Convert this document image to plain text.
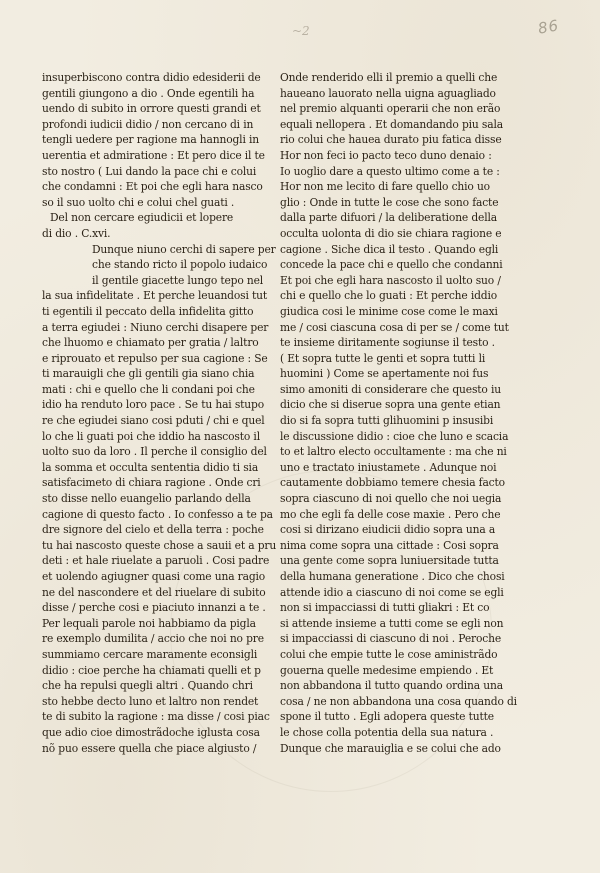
~2	86
insuperbiscono contra didio edesiderii de
gentili giungono a dio . Onde egentili ha
uendo di subito in orrore questi grandi et
profondi iudicii didio / non cercano di in
tengli uedere per ragione ma hannogli in
uerentia et admiratione : Et pero dice il te
sto nostro ( Lui dando la pace chi e colui
che condamni : Et poi che egli hara nasco
so il suo uolto chi e colui chel guati .
Del non cercare egiudicii et lopere
di dio . C.xvi.
Dunque niuno cerchi di sapere per
che stando ricto il popolo iudaico
il gentile giacette lungo tepo nel
la sua infidelitate . Et perche leuandosi tut
ti egentili il peccato della infidelita gitto
a terra egiudei : Niuno cerchi disapere per
che lhuomo e chiamato per gratia / laltro
e riprouato et repulso per sua cagione : Se
ti marauigli che gli gentili gia siano chia
mati : chi e quello che li condani poi che
idio ha renduto loro pace . Se tu hai stupo
re che egiudei siano cosi pduti / chi e quel
lo che li guati poi che iddio ha nascosto il
uolto suo da loro . Il perche il consiglio del
la somma et occulta sententia didio ti sia
satisfacimeto di chiara ragione . Onde cri
sto disse nello euangelio parlando della
cagione di questo facto . Io confesso a te pa
dre signore del cielo et della terra : poche
tu hai nascosto queste chose a sauii et a pru
deti : et hale riuelate a paruoli . Cosi padre
et uolendo agiugner quasi come una ragio
ne del nascondere et del riuelare di subito
disse / perche cosi e piaciuto innanzi a te .
Per lequali parole noi habbiamo da pigla
re exemplo dumilita / accio che noi no pre
summiamo cercare maramente econsigli
didio : cioe perche ha chiamati quelli et p
che ha repulsi quegli altri . Quando chri
sto hebbe decto luno et laltro non rendet
te di subito la ragione : ma disse / cosi piac
que adio cioe dimostrãdoche iglusta cosa
nõ puo essere quella che piace algiusto /
Onde renderido elli il premio a quelli che
haueano lauorato nella uigna aguagliado
nel premio alquanti operarii che non erão
equali nellopera . Et domandando piu sala
rio colui che hauea durato piu fatica disse
Hor non feci io pacto teco duno denaio :
Io uoglio dare a questo ultimo come a te :
Hor non me lecito di fare quello chio uo
glio : Onde in tutte le cose che sono facte
dalla parte difuori / la deliberatione della
occulta uolonta di dio sie chiara ragione e
cagione . Siche dica il testo . Quando egli
concede la pace chi e quello che condanni
Et poi che egli hara nascosto il uolto suo /
chi e quello che lo guati : Et perche iddio
giudica cosi le minime cose come le maxi
me / cosi ciascuna cosa di per se / come tut
te insieme diritamente sogiunse il testo .
( Et sopra tutte le genti et sopra tutti li
huomini ) Come se apertamente noi fus
simo amoniti di considerare che questo iu
dicio che si diserue sopra una gente etian
dio si fa sopra tutti glihuomini p insusibi
le discussione didio : cioe che luno e scacia
to et laltro electo occultamente : ma che ni
uno e tractato iniustamete . Adunque noi
cautamente dobbiamo temere chesia facto
sopra ciascuno di noi quello che noi uegia
mo che egli fa delle cose maxie . Pero che
cosi si dirizano eiudicii didio sopra una a
nima come sopra una cittade : Cosi sopra
una gente come sopra luniuersitade tutta
della humana generatione . Dico che chosi
attende idio a ciascuno di noi come se egli
non si impacciassi di tutti gliakri : Et co
si attende insieme a tutti come se egli non
si impacciassi di ciascuno di noi . Peroche
colui che empie tutte le cose aministrãdo
gouerna quelle medesime empiendo . Et
non abbandona il tutto quando ordina una
cosa / ne non abbandona una cosa quando di
spone il tutto . Egli adopera queste tutte
le chose colla potentia della sua natura .
Dunque che marauiglia e se colui che ado
